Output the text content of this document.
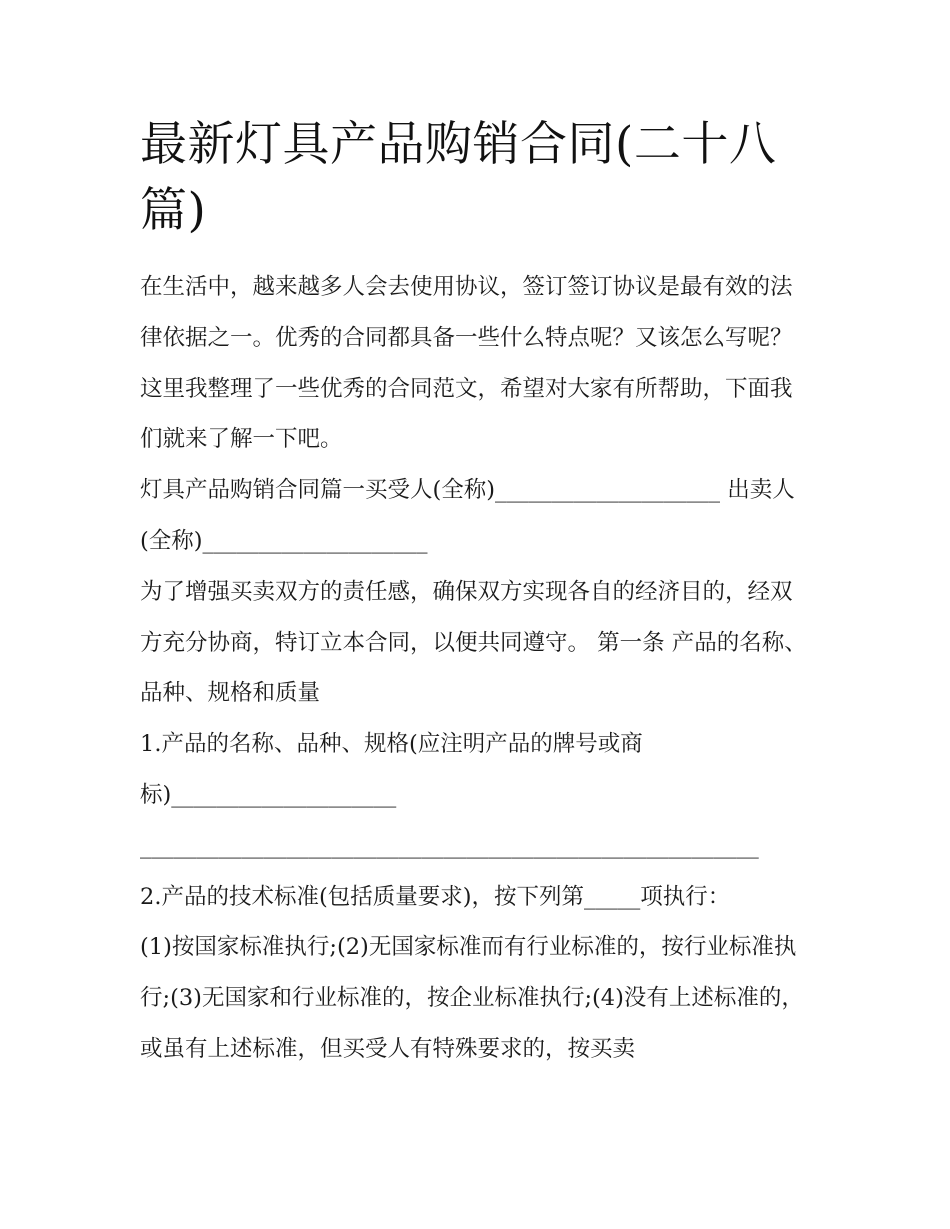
最新灯具产品购销合同(二十八篇)

在生活中，越来越多人会去使用协议，签订签订协议是最有效的法律依据之一。优秀的合同都具备一些什么特点呢？又该怎么写呢？这里我整理了一些优秀的合同范文，希望对大家有所帮助，下面我们就来了解一下吧。

灯具产品购销合同篇一买受人(全称)____________________ 出卖人(全称)____________________

为了增强买卖双方的责任感，确保双方实现各自的经济目的，经双方充分协商，特订立本合同，以便共同遵守。 第一条 产品的名称、品种、规格和质量

1.产品的名称、品种、规格(应注明产品的牌号或商
标)____________________

_______________________________________________________

2.产品的技术标准(包括质量要求)，按下列第_____项执行：

(1)按国家标准执行;(2)无国家标准而有行业标准的，按行业标准执行;(3)无国家和行业标准的，按企业标准执行;(4)没有上述标准的，或虽有上述标准，但买受人有特殊要求的，按买卖
